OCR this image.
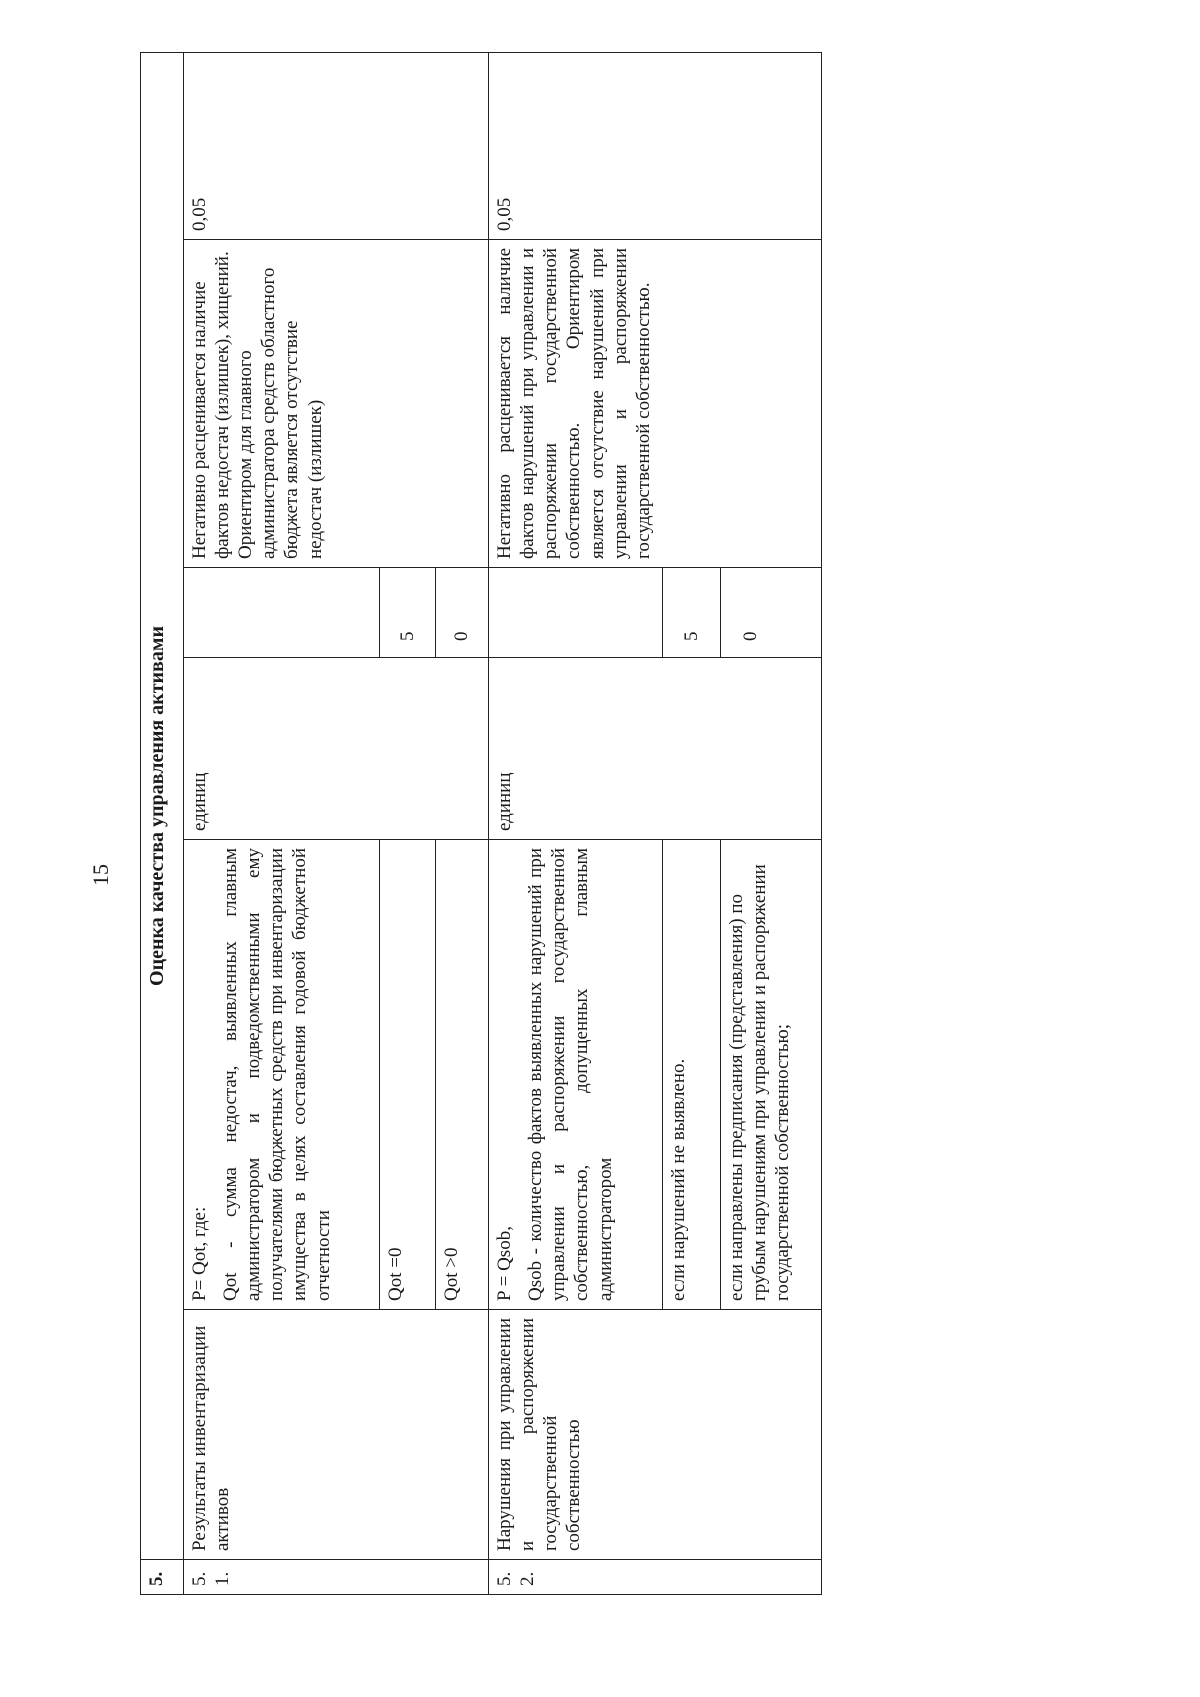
15
5.	Оценка качества управления активами					
5.1.	Результаты инвентаризации активов	P= Qot, где: Qot - сумма недостач, выявленных главным администратором и подведомственными ему получателями бюджетных средств при инвентаризации имущества в целях составления годовой бюджетной отчетности	единиц		Негативно расценивается наличие фактов недостач (излишек), хищений. Ориентиром для главного администратора средств областного бюджета является отсутствие недостач (излишек)	0,05
		Qot =0		5		
		Qot >0		0		
5.2.	Нарушения при управлении и распоряжении государственной собственностью	P = Qsob, Qsob - количество фактов выявленных нарушений при управлении и распоряжении государственной собственностью, допущенных главным администратором	единиц		Негативно расценивается наличие фактов нарушений при управлении и распоряжении государственной собственностью. Ориентиром является отсутствие нарушений при управлении и распоряжении государственной собственностью.	0,05
		если нарушений не выявлено.		5		
		если направлены предписания (представления) по грубым нарушениям при управлении и распоряжении государственной собственностью;		0		
